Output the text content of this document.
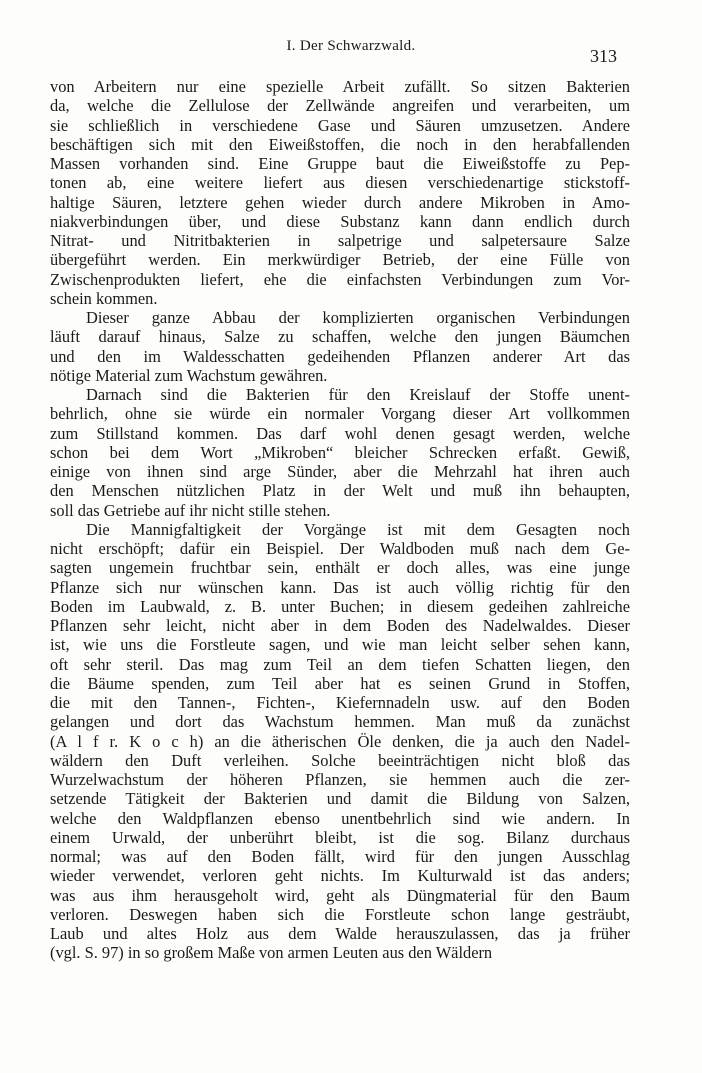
I. Der Schwarzwald.	313
von Arbeitern nur eine spezielle Arbeit zufällt. So sitzen Bakterien
da, welche die Zellulose der Zellwände angreifen und verarbeiten, um
sie schließlich in verschiedene Gase und Säuren umzusetzen. Andere
beschäftigen sich mit den Eiweißstoffen, die noch in den herabfallenden
Massen vorhanden sind. Eine Gruppe baut die Eiweißstoffe zu Pep-
tonen ab, eine weitere liefert aus diesen verschiedenartige stickstoff-
haltige Säuren, letztere gehen wieder durch andere Mikroben in Amo-
niakverbindungen über, und diese Substanz kann dann endlich durch
Nitrat- und Nitritbakterien in salpetrige und salpetersaure Salze
übergeführt werden. Ein merkwürdiger Betrieb, der eine Fülle von
Zwischenprodukten liefert, ehe die einfachsten Verbindungen zum Vor-
schein kommen.
Dieser ganze Abbau der komplizierten organischen Verbindungen
läuft darauf hinaus, Salze zu schaffen, welche den jungen Bäumchen
und den im Waldesschatten gedeihenden Pflanzen anderer Art das
nötige Material zum Wachstum gewähren.
Darnach sind die Bakterien für den Kreislauf der Stoffe unent-
behrlich, ohne sie würde ein normaler Vorgang dieser Art vollkommen
zum Stillstand kommen. Das darf wohl denen gesagt werden, welche
schon bei dem Wort „Mikroben“ bleicher Schrecken erfaßt. Gewiß,
einige von ihnen sind arge Sünder, aber die Mehrzahl hat ihren auch
den Menschen nützlichen Platz in der Welt und muß ihn behaupten,
soll das Getriebe auf ihr nicht stille stehen.
Die Mannigfaltigkeit der Vorgänge ist mit dem Gesagten noch
nicht erschöpft; dafür ein Beispiel. Der Waldboden muß nach dem Ge-
sagten ungemein fruchtbar sein, enthält er doch alles, was eine junge
Pflanze sich nur wünschen kann. Das ist auch völlig richtig für den
Boden im Laubwald, z. B. unter Buchen; in diesem gedeihen zahlreiche
Pflanzen sehr leicht, nicht aber in dem Boden des Nadelwaldes. Dieser
ist, wie uns die Forstleute sagen, und wie man leicht selber sehen kann,
oft sehr steril. Das mag zum Teil an dem tiefen Schatten liegen, den
die Bäume spenden, zum Teil aber hat es seinen Grund in Stoffen,
die mit den Tannen-, Fichten-, Kiefernnadeln usw. auf den Boden
gelangen und dort das Wachstum hemmen. Man muß da zunächst
(A l f r. K o c h) an die ätherischen Öle denken, die ja auch den Nadel-
wäldern den Duft verleihen. Solche beeinträchtigen nicht bloß das
Wurzelwachstum der höheren Pflanzen, sie hemmen auch die zer-
setzende Tätigkeit der Bakterien und damit die Bildung von Salzen,
welche den Waldpflanzen ebenso unentbehrlich sind wie andern. In
einem Urwald, der unberührt bleibt, ist die sog. Bilanz durchaus
normal; was auf den Boden fällt, wird für den jungen Ausschlag
wieder verwendet, verloren geht nichts. Im Kulturwald ist das anders;
was aus ihm herausgeholt wird, geht als Düngmaterial für den Baum
verloren. Deswegen haben sich die Forstleute schon lange gesträubt,
Laub und altes Holz aus dem Walde herauszulassen, das ja früher
(vgl. S. 97) in so großem Maße von armen Leuten aus den Wäldern
